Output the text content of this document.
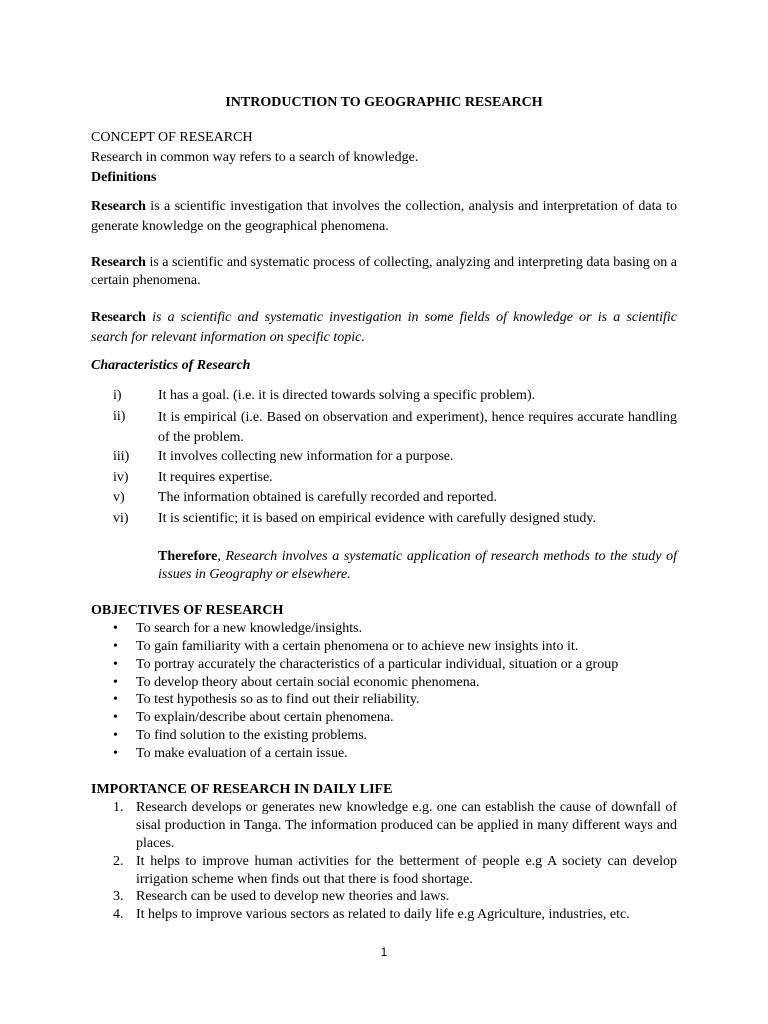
INTRODUCTION TO GEOGRAPHIC RESEARCH
CONCEPT OF RESEARCH
Research in common way refers to a search of knowledge.
Definitions
Research is a scientific investigation that involves the collection, analysis and interpretation of data to generate knowledge on the geographical phenomena.
Research is a scientific and systematic process of collecting, analyzing and interpreting data basing on a certain phenomena.
Research is a scientific and systematic investigation in some fields of knowledge or is a scientific search for relevant information on specific topic.
Characteristics of Research
i)	It has a goal. (i.e. it is directed towards solving a specific problem).
ii) It is empirical (i.e. Based on observation and experiment), hence requires accurate handling of the problem.
iii) It involves collecting new information for a purpose.
iv) It requires expertise.
v) The information obtained is carefully recorded and reported.
vi) It is scientific; it is based on empirical evidence with carefully designed study.
Therefore, Research involves a systematic application of research methods to the study of issues in Geography or elsewhere.
OBJECTIVES OF RESEARCH
• To search for a new knowledge/insights.
• To gain familiarity with a certain phenomena or to achieve new insights into it.
• To portray accurately the characteristics of a particular individual, situation or a group
• To develop theory about certain social economic phenomena.
• To test hypothesis so as to find out their reliability.
• To explain/describe about certain phenomena.
• To find solution to the existing problems.
• To make evaluation of a certain issue.
IMPORTANCE OF RESEARCH IN DAILY LIFE
1. Research develops or generates new knowledge e.g. one can establish the cause of downfall of sisal production in Tanga. The information produced can be applied in many different ways and places.
2. It helps to improve human activities for the betterment of people e.g A society can develop irrigation scheme when finds out that there is food shortage.
3. Research can be used to develop new theories and laws.
4. It helps to improve various sectors as related to daily life e.g Agriculture, industries, etc.
1
